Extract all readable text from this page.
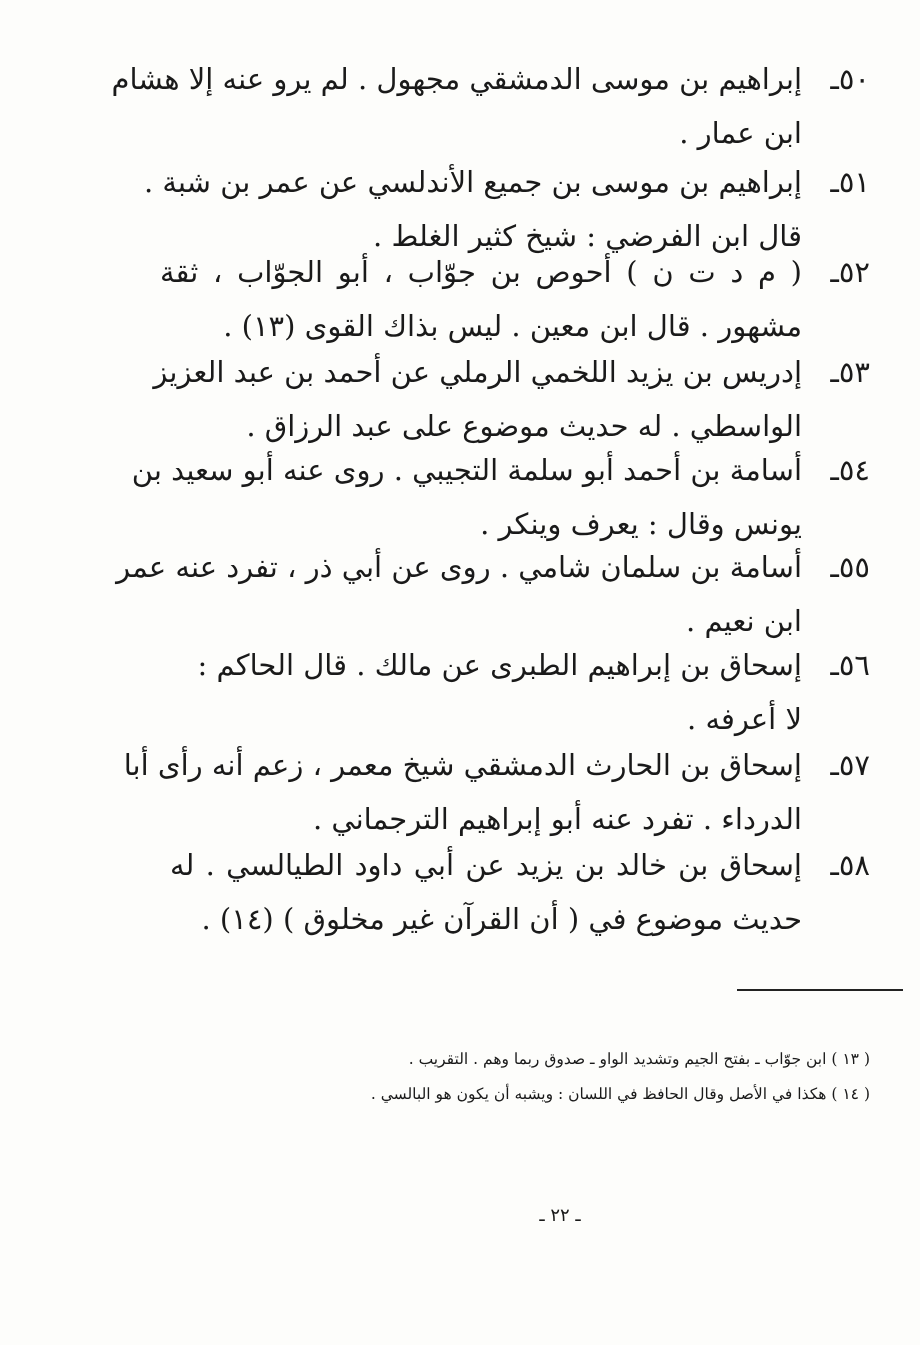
٥٠ـ
إبراهيم بن موسى الدمشقي مجهول . لم يرو عنه إلا هشام
ابن عمار .
٥١ـ
إبراهيم بن موسى بن جميع الأندلسي عن عمر بن شبة .
قال ابن الفرضي : شيخ كثير الغلط .
٥٢ـ
( م د ت ن ) أحوص بن جوّاب ، أبو الجوّاب ، ثقة
مشهور . قال ابن معين . ليس بذاك القوى (١٣) .
٥٣ـ
إدريس بن يزيد اللخمي الرملي عن أحمد بن عبد العزيز
الواسطي . له حديث موضوع على عبد الرزاق .
٥٤ـ
أسامة بن أحمد أبو سلمة التجيبي . روى عنه أبو سعيد بن
يونس وقال : يعرف وينكر .
٥٥ـ
أسامة بن سلمان شامي . روى عن أبي ذر ، تفرد عنه عمر
ابن نعيم .
٥٦ـ
إسحاق بن إبراهيم الطبرى عن مالك . قال الحاكم :
لا أعرفه .
٥٧ـ
إسحاق بن الحارث الدمشقي شيخ معمر ، زعم أنه رأى أبا
الدرداء . تفرد عنه أبو إبراهيم الترجماني .
٥٨ـ
إسحاق بن خالد بن يزيد عن أبي داود الطيالسي . له
حديث موضوع في ( أن القرآن غير مخلوق ) (١٤) .
( ١٣ ) ابن جوّاب ـ بفتح الجيم وتشديد الواو ـ صدوق ربما وهم . التقريب .
( ١٤ ) هكذا في الأصل وقال الحافظ في اللسان : ويشبه أن يكون هو البالسي .
ـ ٢٢ ـ
